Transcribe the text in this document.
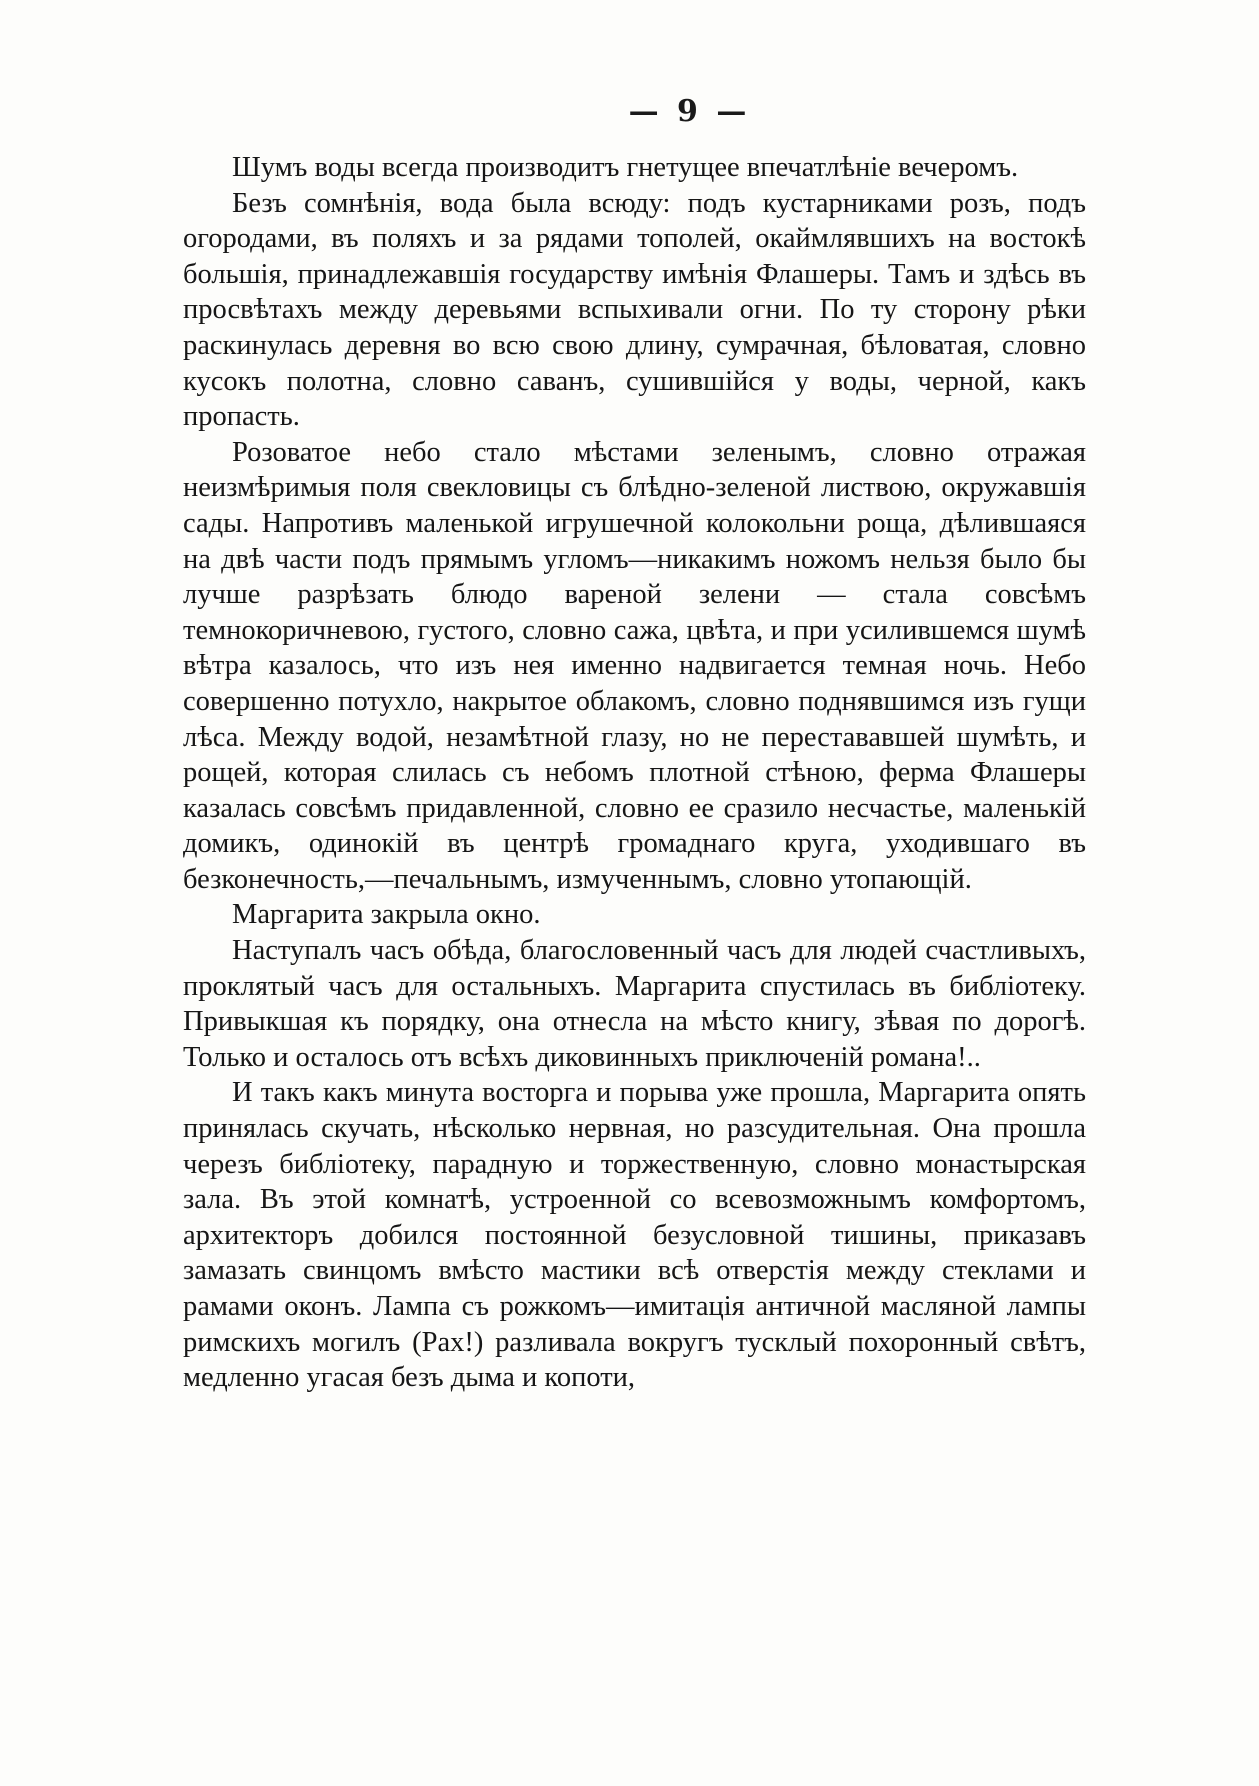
— 9 —

Шумъ воды всегда производитъ гнетущее впечатлѣніе вечеромъ.

Безъ сомнѣнія, вода была всюду: подъ кустарниками розъ, подъ огородами, въ поляхъ и за рядами тополей, окаймлявшихъ на востокѣ большія, принадлежавшія государству имѣнія Флашеры. Тамъ и здѣсь въ просвѣтахъ между деревьями вспыхивали огни. По ту сторону рѣки раскинулась деревня во всю свою длину, сумрачная, бѣловатая, словно кусокъ полотна, словно саванъ, сушившійся у воды, черной, какъ пропасть.

Розоватое небо стало мѣстами зеленымъ, словно отражая неизмѣримыя поля свекловицы съ блѣдно-зеленой листвою, окружавшія сады. Напротивъ маленькой игрушечной колокольни роща, дѣлившаяся на двѣ части подъ прямымъ угломъ—никакимъ ножомъ нельзя было бы лучше разрѣзать блюдо вареной зелени — стала совсѣмъ темнокоричневою, густого, словно сажа, цвѣта, и при усилившемся шумѣ вѣтра казалось, что изъ нея именно надвигается темная ночь. Небо совершенно потухло, накрытое облакомъ, словно поднявшимся изъ гущи лѣса. Между водой, незамѣтной глазу, но не перестававшей шумѣть, и рощей, которая слилась съ небомъ плотной стѣною, ферма Флашеры казалась совсѣмъ придавленной, словно ее сразило несчастье, маленькій домикъ, одинокій въ центрѣ громаднаго круга, уходившаго въ безконечность,—печальнымъ, измученнымъ, словно утопающій.

Маргарита закрыла окно.

Наступалъ часъ обѣда, благословенный часъ для людей счастливыхъ, проклятый часъ для остальныхъ. Маргарита спустилась въ библіотеку. Привыкшая къ порядку, она отнесла на мѣсто книгу, зѣвая по дорогѣ. Только и осталось отъ всѣхъ диковинныхъ приключеній романа!..

И такъ какъ минута восторга и порыва уже прошла, Маргарита опять принялась скучать, нѣсколько нервная, но разсудительная. Она прошла черезъ библіотеку, парадную и торжественную, словно монастырская зала. Въ этой комнатѣ, устроенной со всевозможнымъ комфортомъ, архитекторъ добился постоянной безусловной тишины, приказавъ замазать свинцомъ вмѣсто мастики всѣ отверстія между стеклами и рамами оконъ. Лампа съ рожкомъ—имитація античной масляной лампы римскихъ могилъ (Pax!) разливала вокругъ тусклый похоронный свѣтъ, медленно угасая безъ дыма и копоти,
